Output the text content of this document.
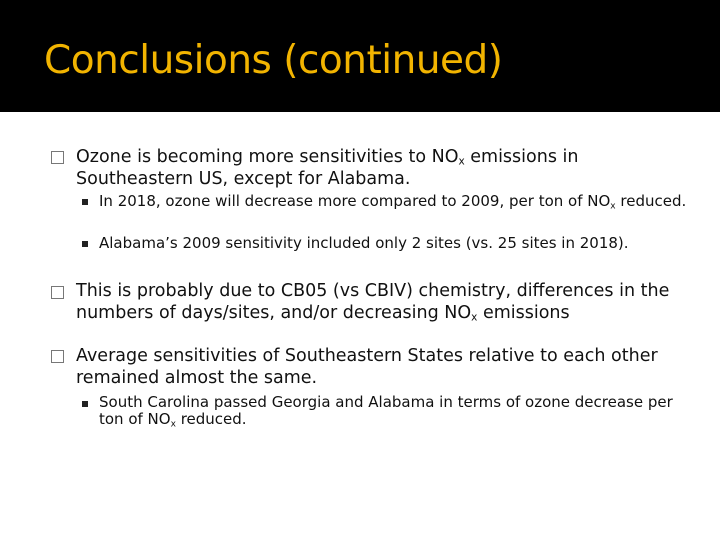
Conclusions (continued)
Ozone is becoming more sensitivities to $NO_x$ emissions in Southeastern US, except for Alabama.
In 2018, ozone will decrease more compared to 2009, per ton of $NO_x$ reduced.
Alabama’s 2009 sensitivity included only 2 sites (vs. 25 sites in 2018).
This is probably due to CB05 (vs CBIV) chemistry, differences in the numbers of days/sites, and/or decreasing $NO_x$ emissions
Average sensitivities of Southeastern States relative to each other remained almost the same.
South Carolina passed Georgia and Alabama in terms of ozone decrease per ton of $NO_x$ reduced.
